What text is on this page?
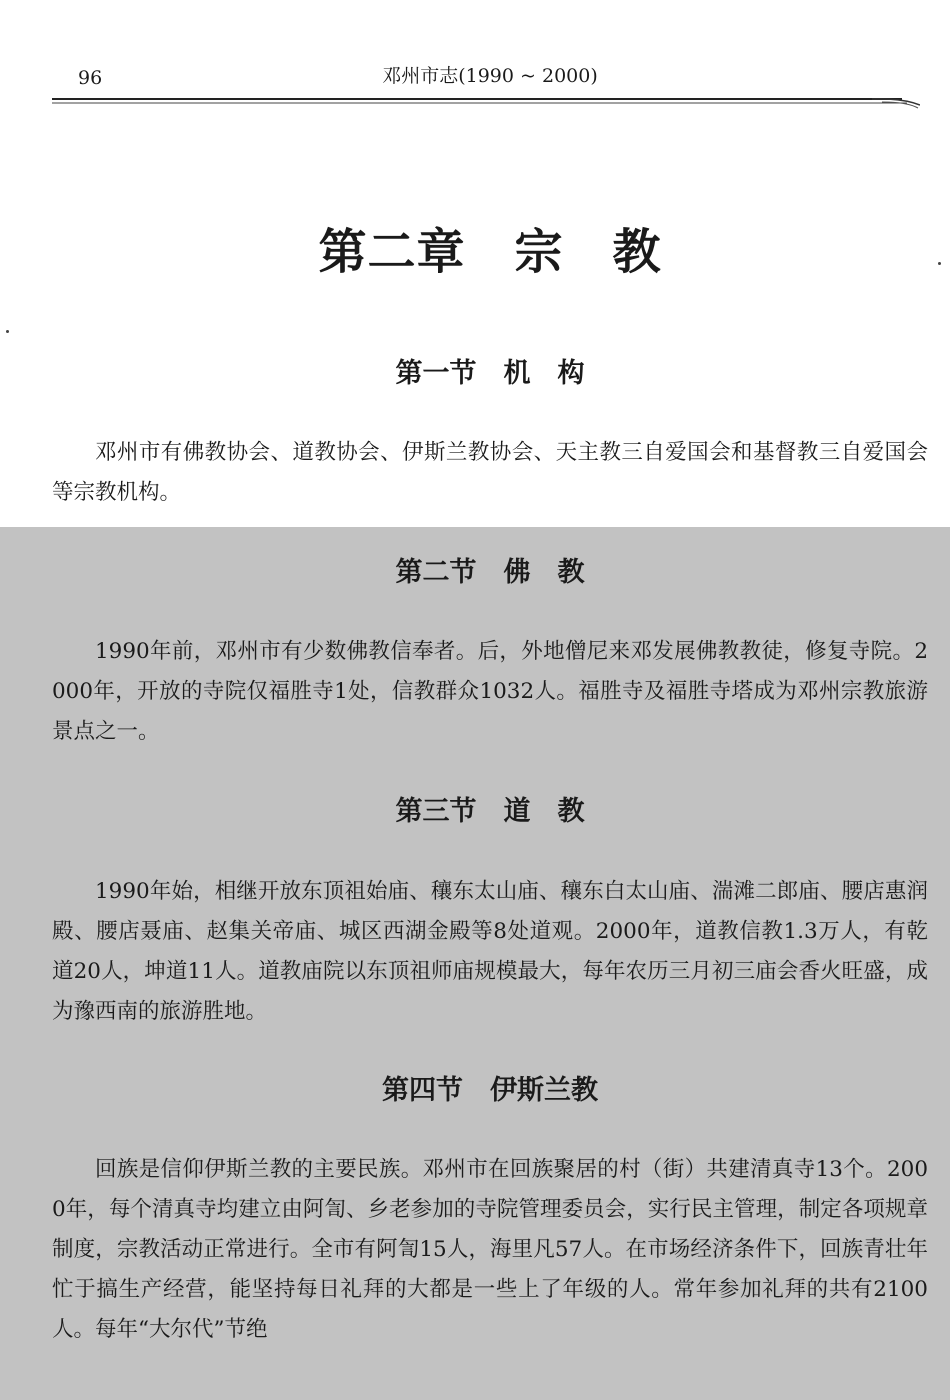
96	邓州市志(1990 ~ 2000)
第二章　宗　教
第一节　机　构

邓州市有佛教协会、道教协会、伊斯兰教协会、天主教三自爱国会和基督教三自爱国会等宗教机构。

第二节　佛　教

1990年前，邓州市有少数佛教信奉者。后，外地僧尼来邓发展佛教教徒，修复寺院。2000年，开放的寺院仅福胜寺1处，信教群众1032人。福胜寺及福胜寺塔成为邓州宗教旅游景点之一。

第三节　道　教

1990年始，相继开放东顶祖始庙、穰东太山庙、穰东白太山庙、湍滩二郎庙、腰店惠润殿、腰店聂庙、赵集关帝庙、城区西湖金殿等8处道观。2000年，道教信教1.3万人，有乾道20人，坤道11人。道教庙院以东顶祖师庙规模最大，每年农历三月初三庙会香火旺盛，成为豫西南的旅游胜地。

第四节　伊斯兰教

回族是信仰伊斯兰教的主要民族。邓州市在回族聚居的村（街）共建清真寺13个。2000年，每个清真寺均建立由阿訇、乡老参加的寺院管理委员会，实行民主管理，制定各项规章制度，宗教活动正常进行。全市有阿訇15人，海里凡57人。在市场经济条件下，回族青壮年忙于搞生产经营，能坚持每日礼拜的大都是一些上了年级的人。常年参加礼拜的共有2100人。每年“大尔代”节绝
